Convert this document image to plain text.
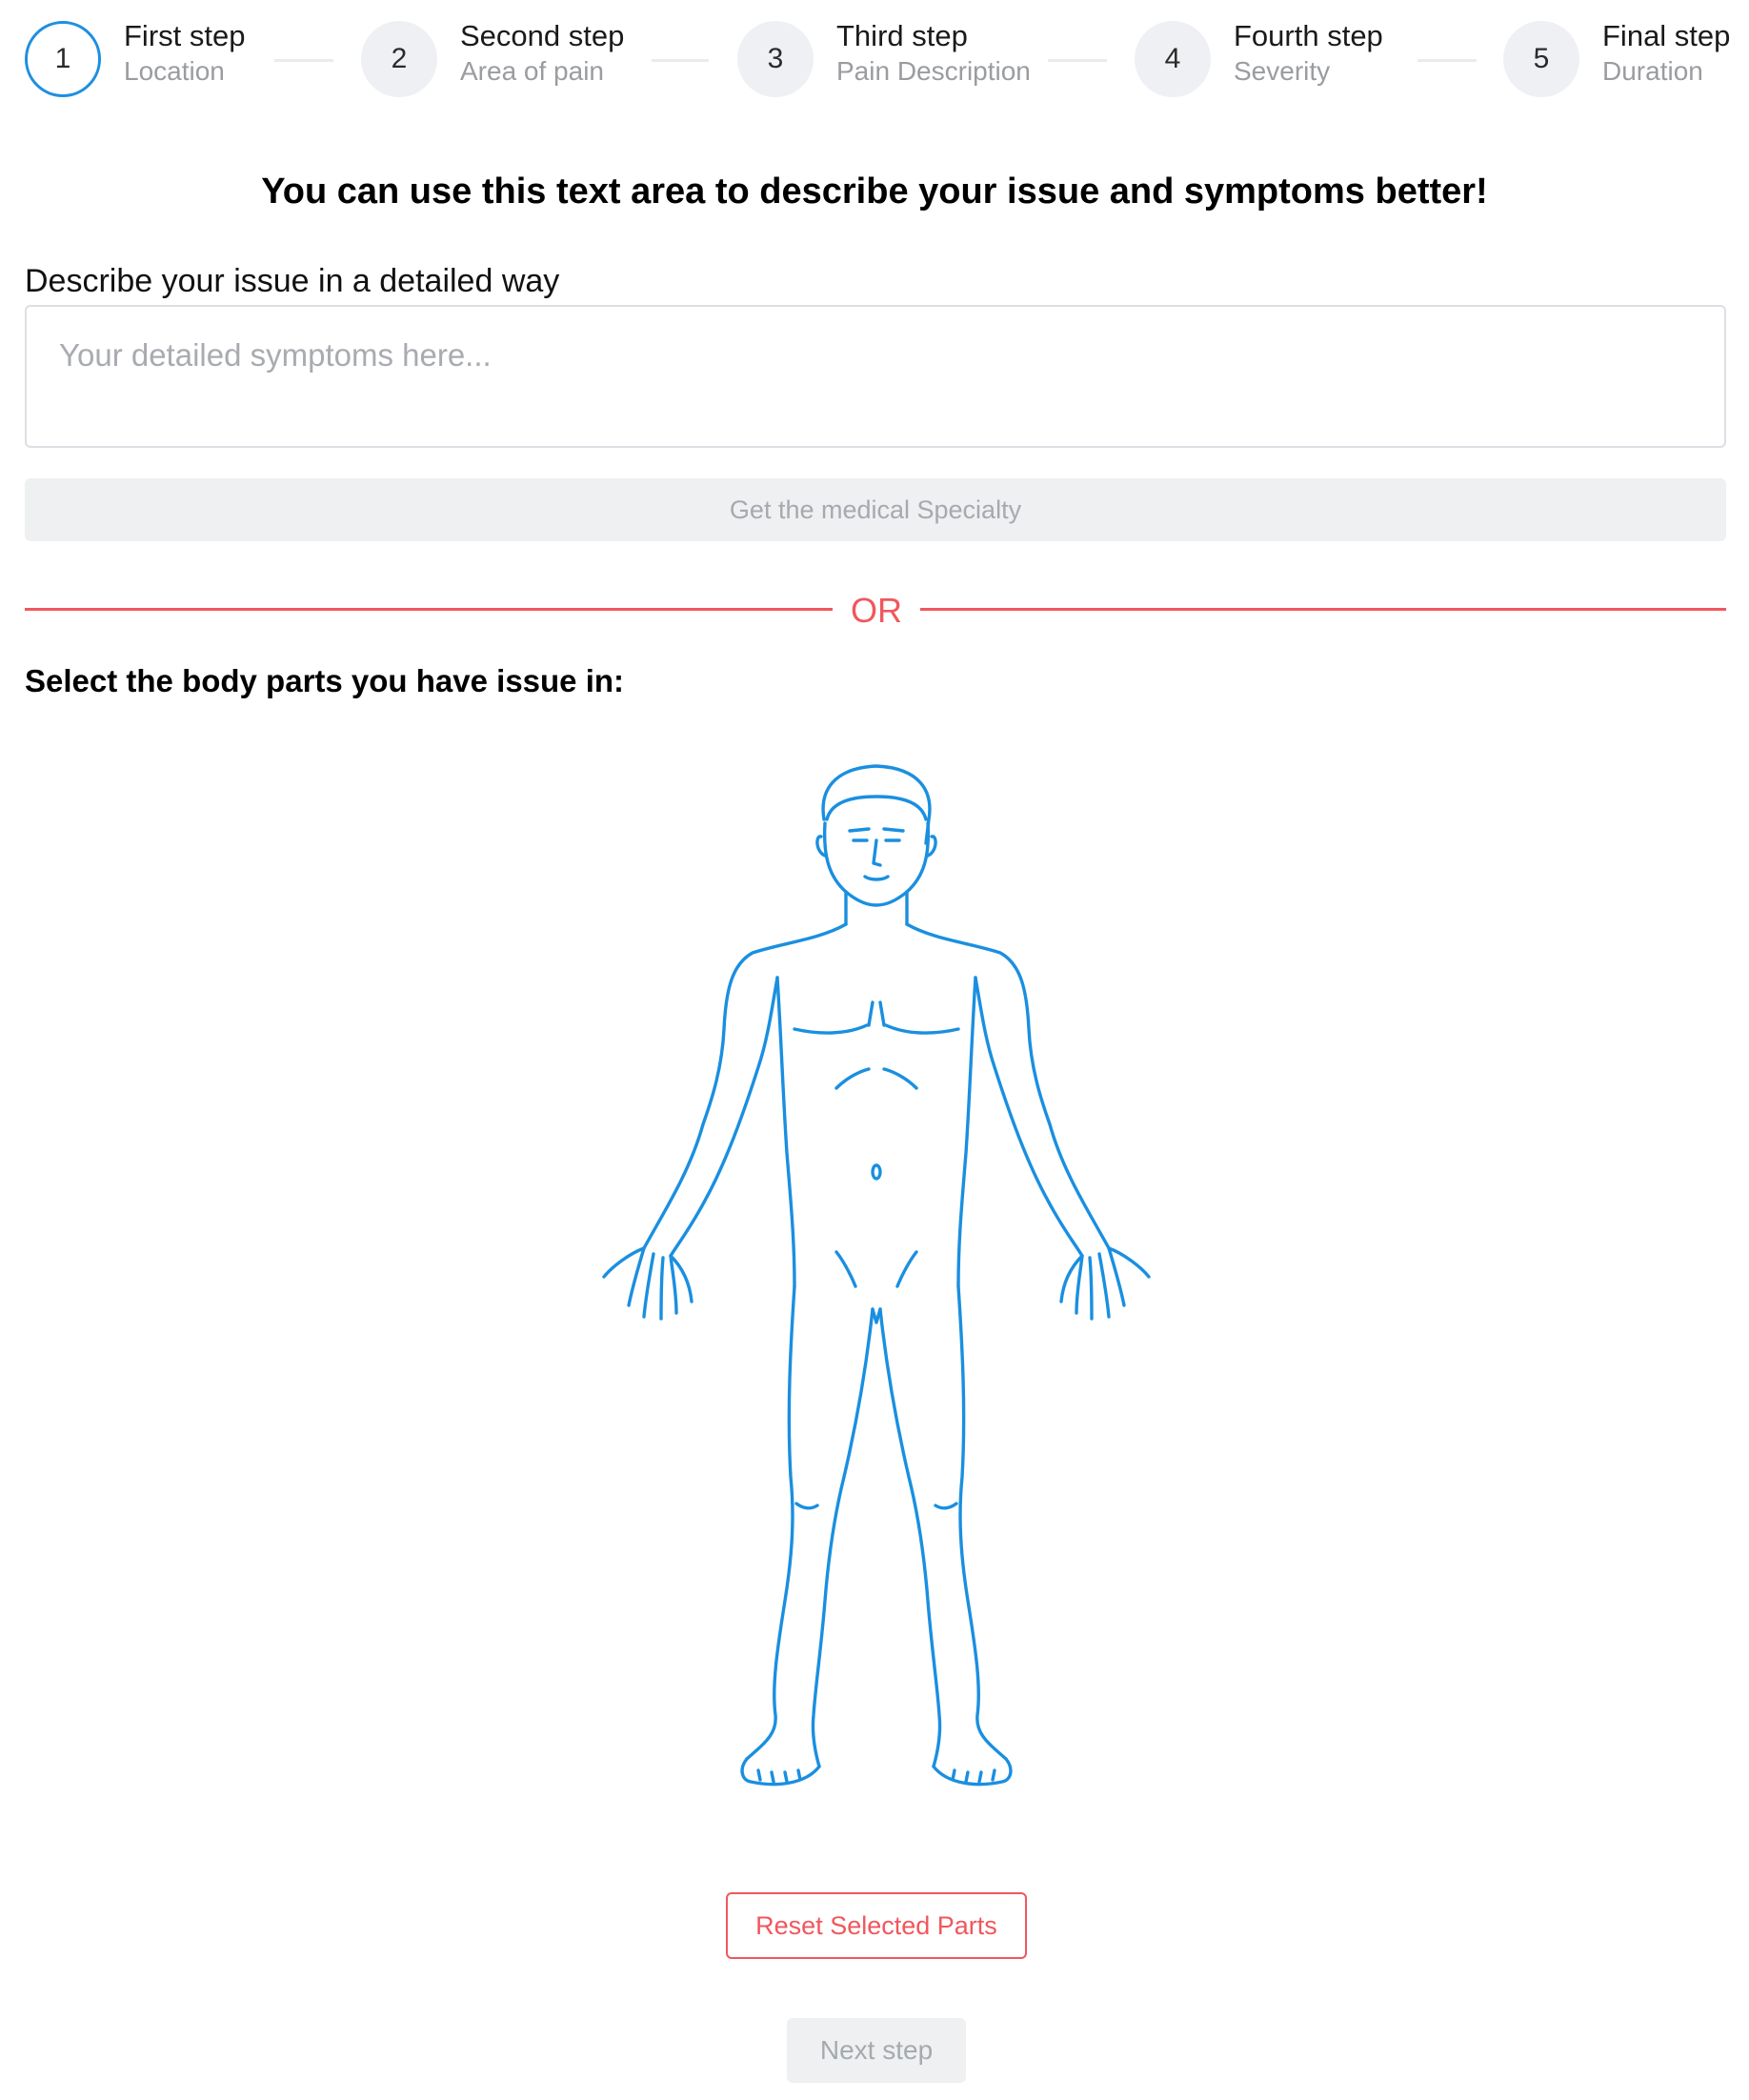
1
First step
Location	2
Second step
Area of pain	3
Third step
Pain Description	4
Fourth step
Severity	5
Final step
Duration
You can use this text area to describe your issue and symptoms better!
Describe your issue in a detailed way
Your detailed symptoms here...
Get the medical Specialty
OR
Select the body parts you have issue in:
Reset Selected Parts
Next step
